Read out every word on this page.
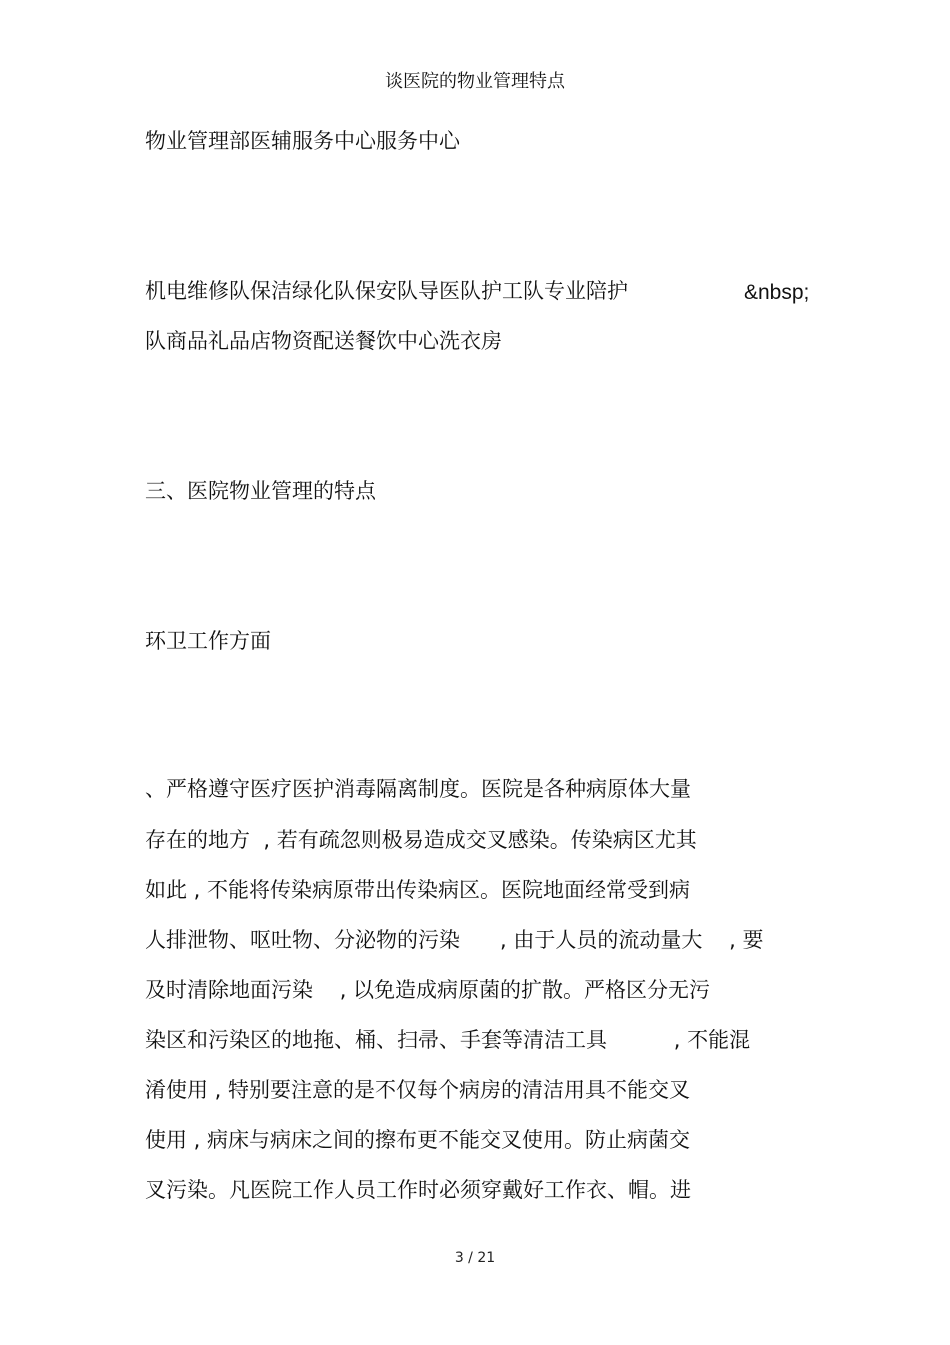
谈医院的物业管理特点
物业管理部医辅服务中心服务中心
机电维修队保洁绿化队保安队导医队护工队专业陪护	&nbsp;
队商品礼品店物资配送餐饮中心洗衣房
三、医院物业管理的特点
环卫工作方面
、严格遵守医疗医护消毒隔离制度。医院是各种病原体大量
存在的地方  , 若有疏忽则极易造成交叉感染。传染病区尤其
如此 , 不能将传染病原带出传染病区。医院地面经常受到病
人排泄物、呕吐物、分泌物的污染      , 由于人员的流动量大    , 要
及时清除地面污染    , 以免造成病原菌的扩散。严格区分无污
染区和污染区的地拖、桶、扫帚、手套等清洁工具          , 不能混
淆使用 , 特别要注意的是不仅每个病房的清洁用具不能交叉
使用 , 病床与病床之间的擦布更不能交叉使用。防止病菌交
叉污染。凡医院工作人员工作时必须穿戴好工作衣、帽。进
3 / 21
